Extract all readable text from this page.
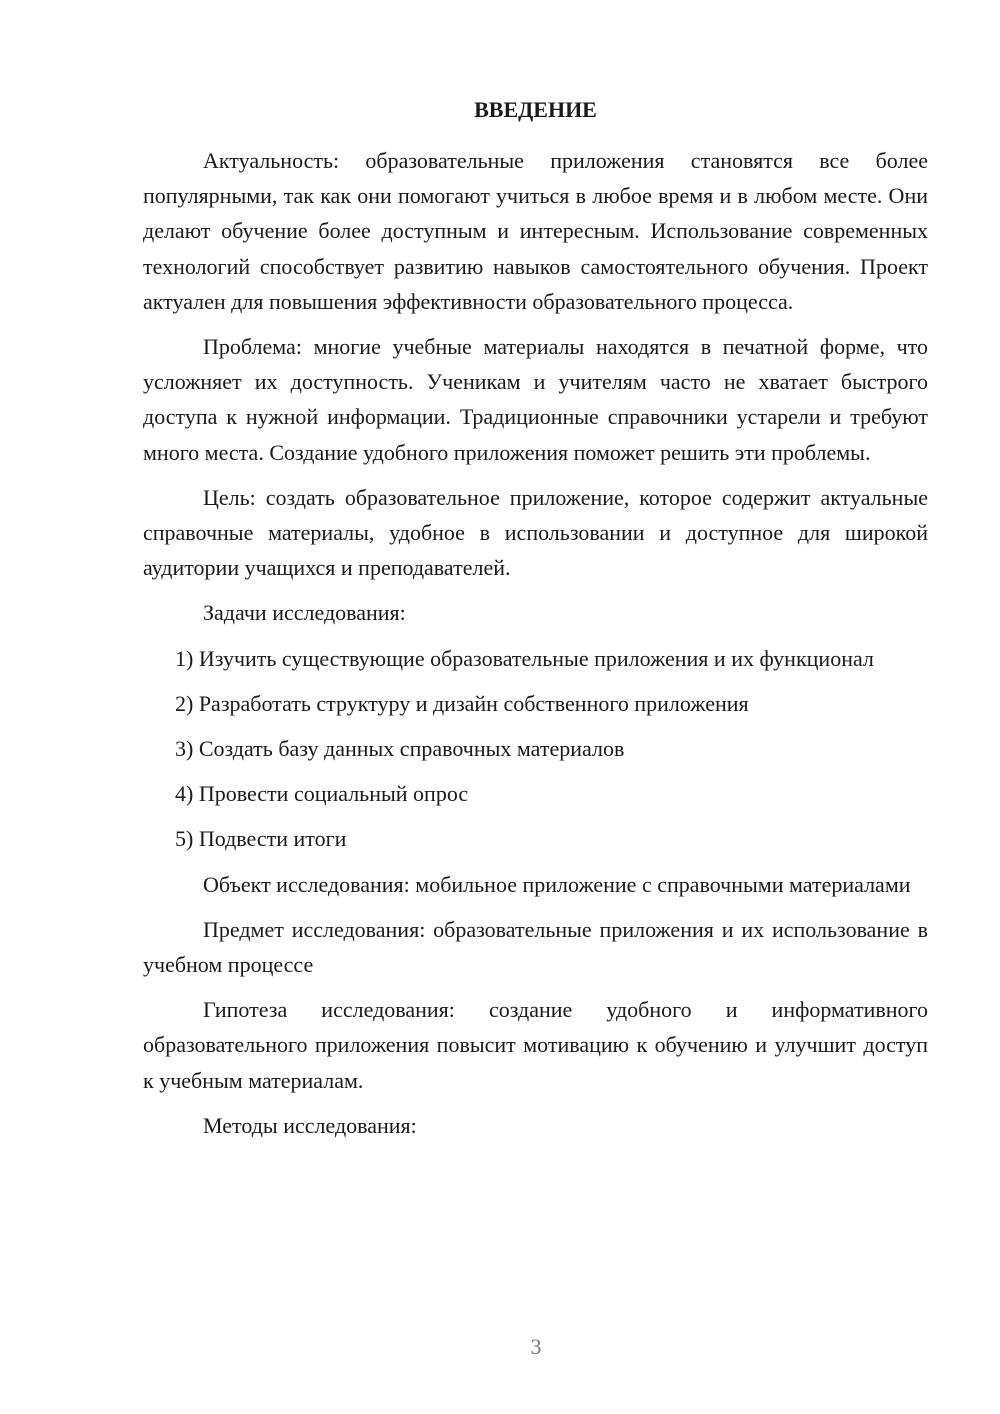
ВВЕДЕНИЕ

Актуальность: образовательные приложения становятся все более популярными, так как они помогают учиться в любое время и в любом месте. Они делают обучение более доступным и интересным. Использование современных технологий способствует развитию навыков самостоятельного обучения. Проект актуален для повышения эффективности образовательного процесса.

Проблема: многие учебные материалы находятся в печатной форме, что усложняет их доступность. Ученикам и учителям часто не хватает быстрого доступа к нужной информации. Традиционные справочники устарели и требуют много места. Создание удобного приложения поможет решить эти проблемы.

Цель: создать образовательное приложение, которое содержит актуальные справочные материалы, удобное в использовании и доступное для широкой аудитории учащихся и преподавателей.

Задачи исследования:

1) Изучить существующие образовательные приложения и их функционал

2) Разработать структуру и дизайн собственного приложения

3) Создать базу данных справочных материалов

4) Провести социальный опрос

5) Подвести итоги

Объект исследования: мобильное приложение с справочными материалами

Предмет исследования: образовательные приложения и их использование в учебном процессе

Гипотеза исследования: создание удобного и информативного образовательного приложения повысит мотивацию к обучению и улучшит доступ к учебным материалам.

Методы исследования:

3
